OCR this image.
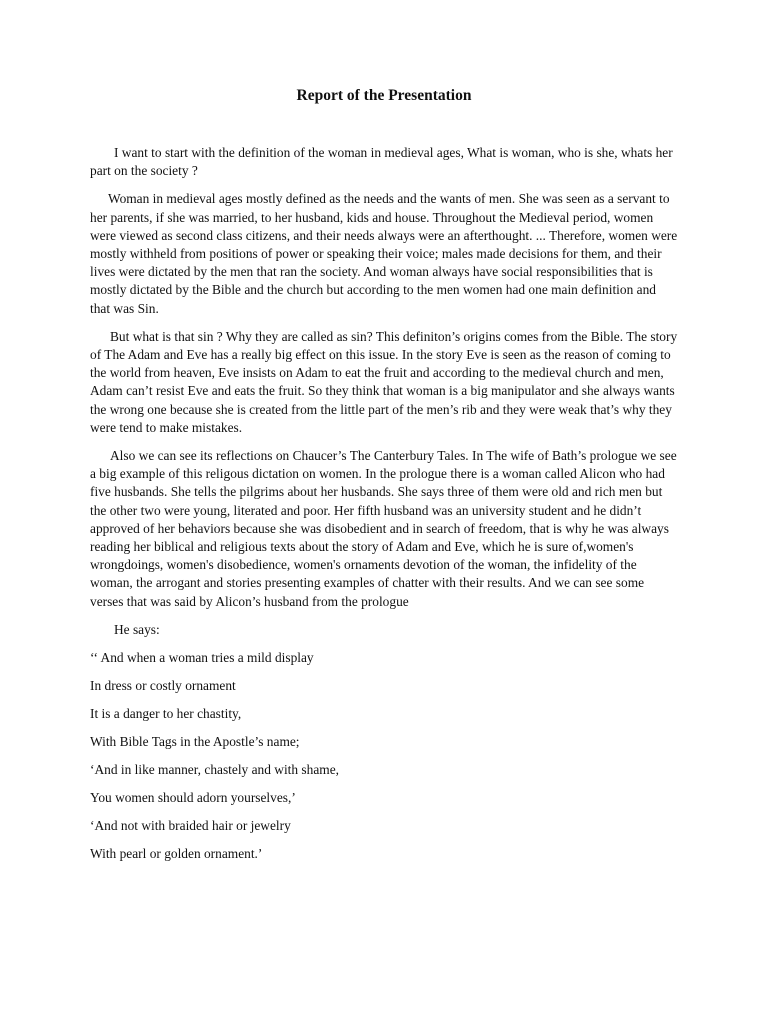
Report of the Presentation

I want to start with the definition of the woman in medieval ages, What is woman, who is she, whats her part on the society ?

Woman in medieval ages mostly defined as the needs and the wants of men. She was seen as a servant to her parents, if she was married, to her husband, kids and house. Throughout the Medieval period, women were viewed as second class citizens, and their needs always were an afterthought. ... Therefore, women were mostly withheld from positions of power or speaking their voice; males made decisions for them, and their lives were dictated by the men that ran the society. And woman always have social responsibilities that is mostly dictated by the Bible and the church but according to the men women had one main definition and that was Sin.

But what is that sin ? Why they are called as sin? This definiton’s origins comes from the Bible. The story of The Adam and Eve has a really big effect on this issue. In the story Eve is seen as the reason of coming to the world from heaven, Eve insists on Adam to eat the fruit and according to the medieval church and men, Adam can’t resist Eve and eats the fruit. So they think that woman is a big manipulator and she always wants the wrong one because she is created from the little part of the men’s rib and they were weak that’s why they were tend to make mistakes.

Also we can see its reflections on Chaucer’s The Canterbury Tales. In The wife of Bath’s prologue we see a big example of this religous dictation on women. In the prologue there is a woman called Alicon who had five husbands. She tells the pilgrims about her husbands. She says three of them were old and rich men but the other two were young, literated and poor. Her fifth husband was an university student and he didn’t approved of her behaviors because she was disobedient and in search of freedom, that is why he was always reading her biblical and religious texts about the story of Adam and Eve, which he is sure of,women's wrongdoings, women's disobedience, women's ornaments devotion of the woman, the infidelity of the woman, the arrogant and stories presenting examples of chatter with their results. And we can see some verses that was said by Alicon’s husband from the prologue

He says:

‘‘ And when a woman tries a mild display

In dress or costly ornament

It is a danger to her chastity,

With Bible Tags in the Apostle’s name;

‘And in like manner, chastely and with shame,

You women should adorn yourselves,’

‘And not with braided hair or jewelry

With pearl or golden ornament.’
